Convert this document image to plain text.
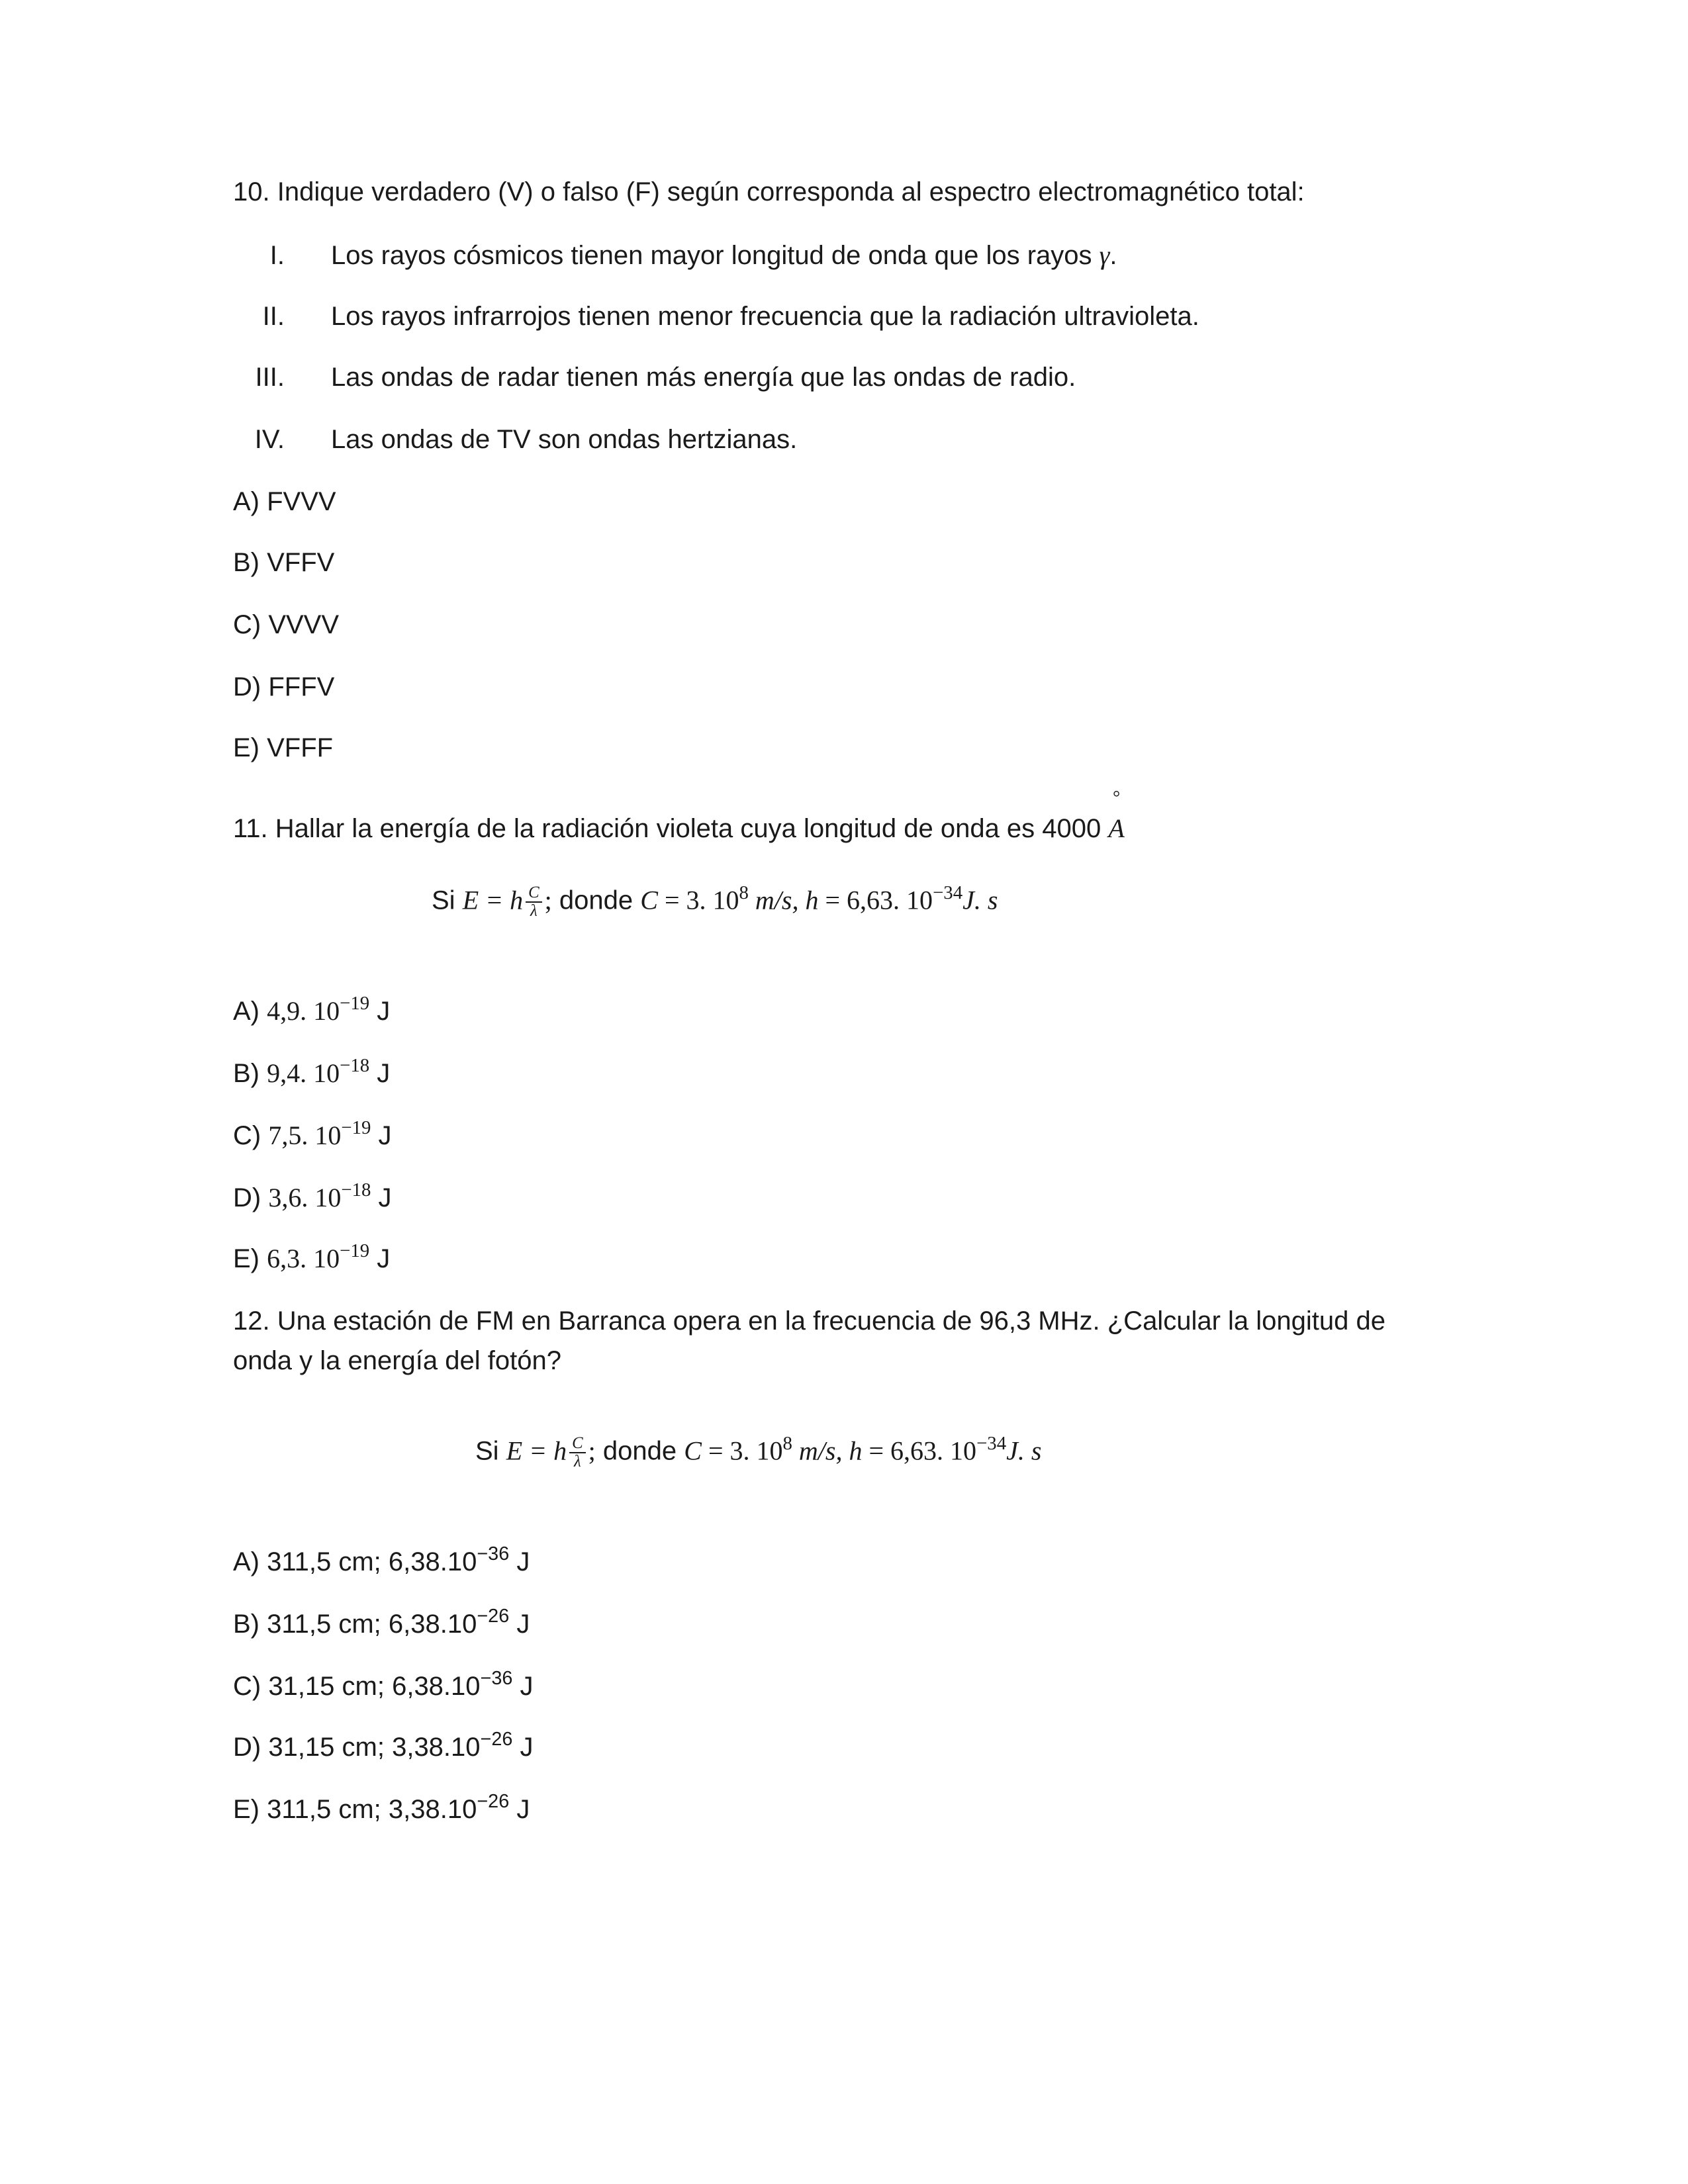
10. Indique verdadero (V) o falso (F) según corresponda al espectro electromagnético total:
I. Los rayos cósmicos tienen mayor longitud de onda que los rayos γ.
II. Los rayos infrarrojos tienen menor frecuencia que la radiación ultravioleta.
III. Las ondas de radar tienen más energía que las ondas de radio.
IV. Las ondas de TV son ondas hertzianas.
A) FVVV
B) VFFV
C) VVVV
D) FFFV
E) VFFF
11. Hallar la energía de la radiación violeta cuya longitud de onda es 4000
°
A
Si E = h $\frac{C}{\lambda}$ ; donde C = 3. $10^8$ m/s, h = 6,63. $10^{-34}J$. s
A) 4,9. $10^{-19}$ J
B) 9,4. $10^{-18}$ J
C) 7,5. $10^{-19}$ J
D) 3,6. $10^{-18}$ J
E) 6,3. $10^{-19}$ J
12. Una estación de FM en Barranca opera en la frecuencia de 96,3 MHz. ¿Calcular la longitud de
onda y la energía del fotón?
Si E = h $\frac{C}{\lambda}$ ; donde C = 3. $10^8$ m/s, h = 6,63. $10^{-34}J$. s
A) 311,5 cm; $6,38.10^{-36}$ J
B) 311,5 cm; $6,38.10^{-26}$ J
C) 31,15 cm; $6,38.10^{-36}$ J
D) 31,15 cm; $3,38.10^{-26}$ J
E) 311,5 cm; $3,38.10^{-26}$ J
